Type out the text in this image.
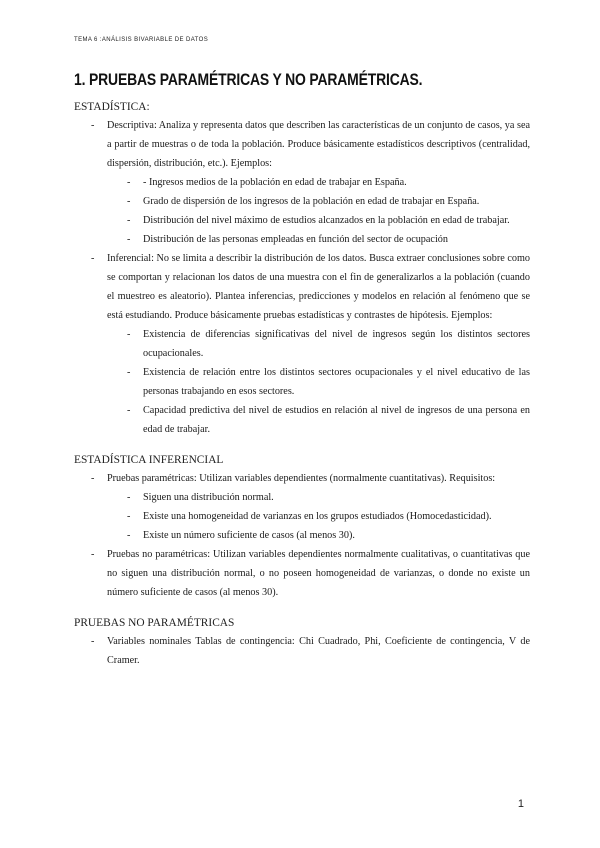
TEMA 6 :ANÁLISIS BIVARIABLE DE DATOS
1. PRUEBAS PARAMÉTRICAS Y NO PARAMÉTRICAS.
ESTADÍSTICA:
- Descriptiva: Analiza y representa datos que describen las características de un conjunto de casos, ya sea a partir de muestras o de toda la población. Produce básicamente estadísticos descriptivos (centralidad, dispersión, distribución, etc.). Ejemplos:
- - Ingresos medios de la población en edad de trabajar en España.
- Grado de dispersión de los ingresos de la población en edad de trabajar en España.
- Distribución del nivel máximo de estudios alcanzados en la población en edad de trabajar.
- Distribución de las personas empleadas en función del sector de ocupación
- Inferencial: No se limita a describir la distribución de los datos. Busca extraer conclusiones sobre como se comportan y relacionan los datos de una muestra con el fin de generalizarlos a la población (cuando el muestreo es aleatorio). Plantea inferencias, predicciones y modelos en relación al fenómeno que se está estudiando. Produce básicamente pruebas estadísticas y contrastes de hipótesis. Ejemplos:
- Existencia de diferencias significativas del nivel de ingresos según los distintos sectores ocupacionales.
- Existencia de relación entre los distintos sectores ocupacionales y el nivel educativo de las personas trabajando en esos sectores.
- Capacidad predictiva del nivel de estudios en relación al nivel de ingresos de una persona en edad de trabajar.
ESTADÍSTICA INFERENCIAL
- Pruebas paramétricas: Utilizan variables dependientes (normalmente cuantitativas). Requisitos:
- Siguen una distribución normal.
- Existe una homogeneidad de varianzas en los grupos estudiados (Homocedasticidad).
- Existe un número suficiente de casos (al menos 30).
- Pruebas no paramétricas: Utilizan variables dependientes normalmente cualitativas, o cuantitativas que no siguen una distribución normal, o no poseen homogeneidad de varianzas, o donde no existe un número suficiente de casos (al menos 30).
PRUEBAS NO PARAMÉTRICAS
- Variables nominales Tablas de contingencia: Chi Cuadrado, Phi, Coeficiente de contingencia, V de Cramer.
1
